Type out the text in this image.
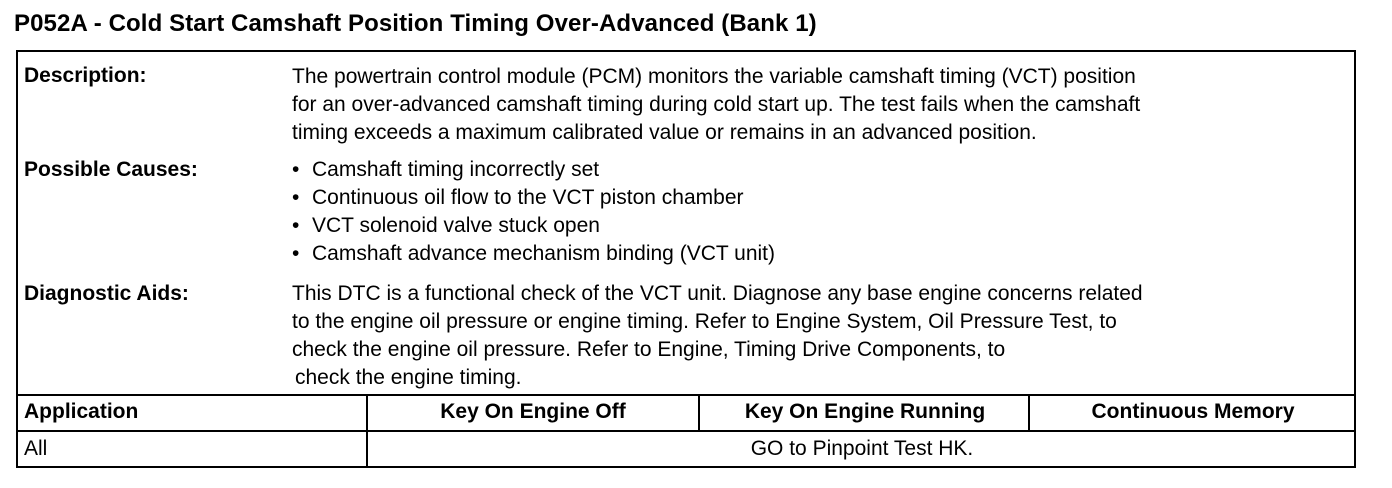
P052A - Cold Start Camshaft Position Timing Over-Advanced (Bank 1)
Description:	The powertrain control module (PCM) monitors the variable camshaft timing (VCT) position
for an over-advanced camshaft timing during cold start up. The test fails when the camshaft
timing exceeds a maximum calibrated value or remains in an advanced position.
Possible Causes:
•	Camshaft timing incorrectly set
• Continuous oil flow to the VCT piston chamber
• VCT solenoid valve stuck open
• Camshaft advance mechanism binding (VCT unit)
Diagnostic Aids:	This DTC is a functional check of the VCT unit. Diagnose any base engine concerns related
to the engine oil pressure or engine timing. Refer to Engine System, Oil Pressure Test, to
check the engine oil pressure. Refer to Engine, Timing Drive Components, to
check the engine timing.
Application	Key On Engine Off	Key On Engine Running	Continuous Memory
All	GO to Pinpoint Test HK.
